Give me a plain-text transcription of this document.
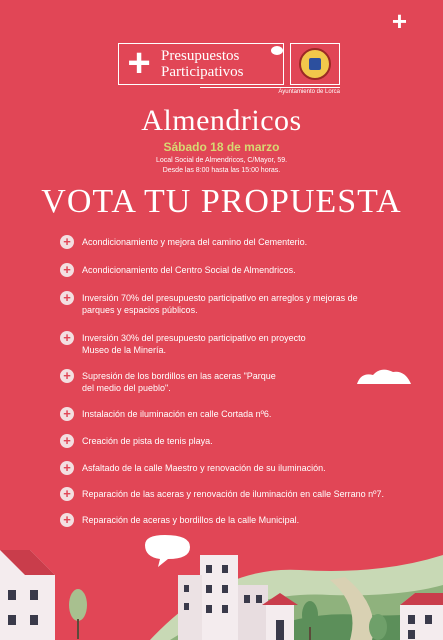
+
+ Presupuestos
Participativos
Ayuntamiento de Lorca
Almendricos
Sábado 18 de marzo
Local Social de Almendricos, C/Mayor, 59.
Desde las 8:00 hasta las 15:00 horas.
VOTA TU PROPUESTA
+	Acondicionamiento y mejora del camino del Cementerio.
+	Acondicionamiento del Centro Social de Almendricos.
+	Inversión 70% del presupuesto participativo en arreglos y mejoras de parques y espacios públicos.
+	Inversión 30% del presupuesto participativo en proyecto Museo de la Minería.
+	Supresión de los bordillos en las aceras "Parque del medio del pueblo".
+	Instalación de iluminación en calle Cortada nº6.
+	Creación de pista de tenis playa.
+	Asfaltado de la calle Maestro y renovación de su iluminación.
+	Reparación de las aceras y renovación de iluminación en calle Serrano nº7.
+	Reparación de aceras y bordillos de la calle Municipal.
